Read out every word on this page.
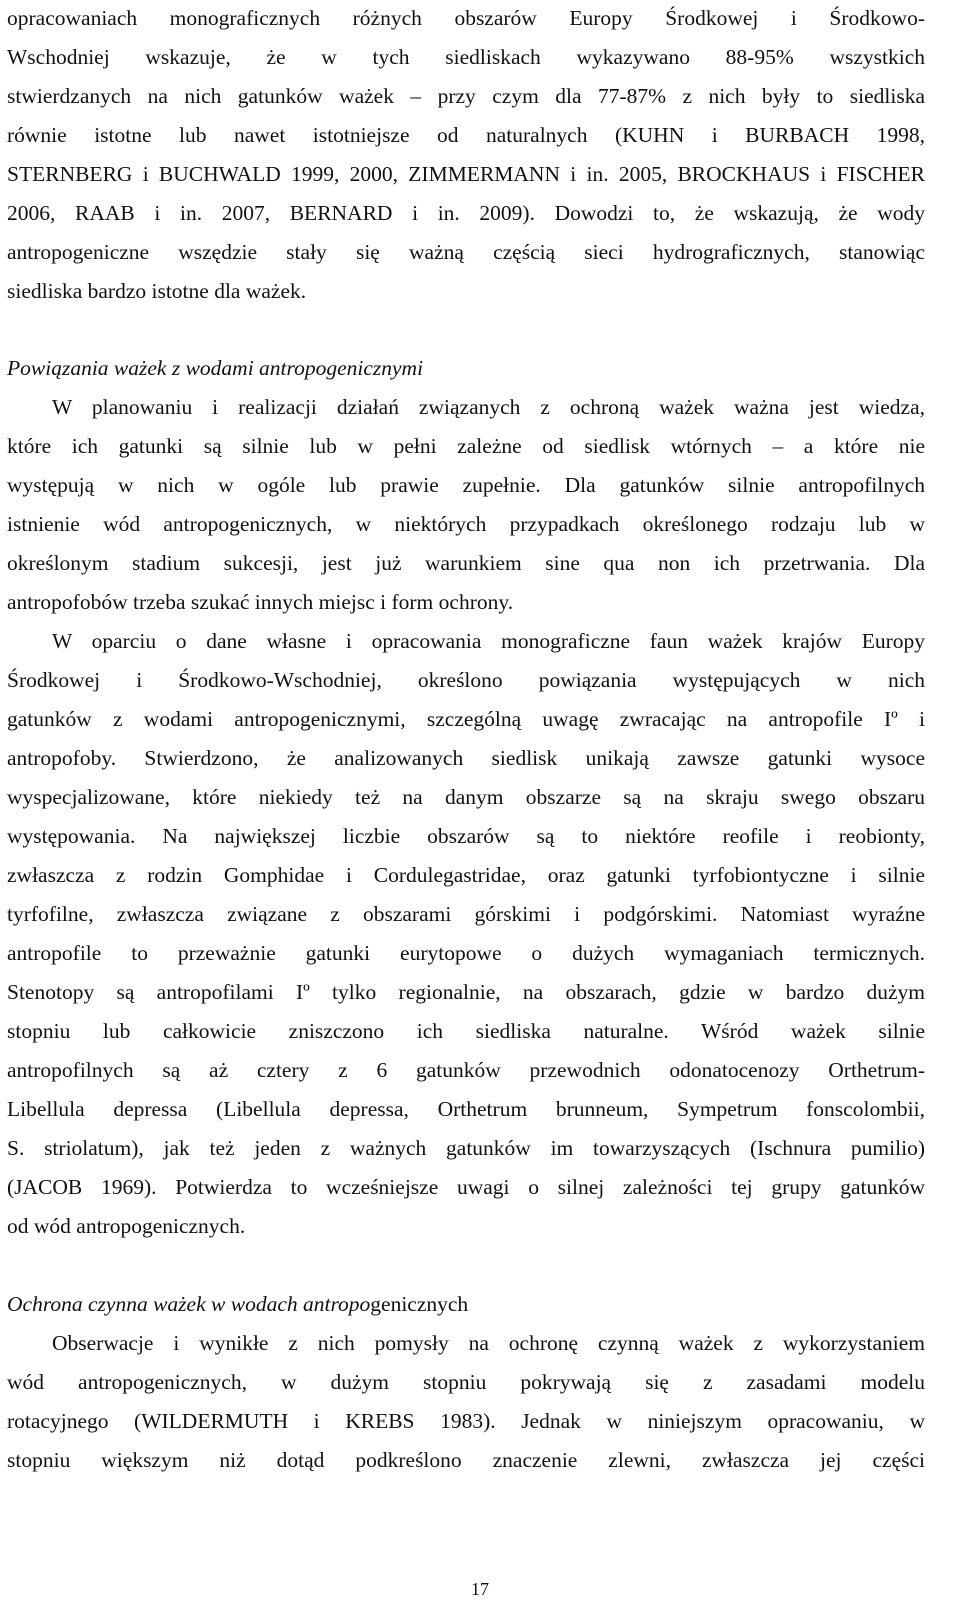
opracowaniach monograficznych różnych obszarów Europy Środkowej i Środkowo-
Wschodniej wskazuje, że w tych siedliskach wykazywano 88-95% wszystkich
stwierdzanych na nich gatunków ważek – przy czym dla 77-87% z nich były to siedliska
równie istotne lub nawet istotniejsze od naturalnych (KUHN i BURBACH 1998,
STERNBERG i BUCHWALD 1999, 2000, ZIMMERMANN i in. 2005, BROCKHAUS i FISCHER
2006, RAAB i in. 2007, BERNARD i in. 2009). Dowodzi to, że wskazują, że wody
antropogeniczne wszędzie stały się ważną częścią sieci hydrograficznych, stanowiąc
siedliska bardzo istotne dla ważek.
Powiązania ważek z wodami antropogenicznymi
W planowaniu i realizacji działań związanych z ochroną ważek ważna jest wiedza,
które ich gatunki są silnie lub w pełni zależne od siedlisk wtórnych – a które nie
występują w nich w ogóle lub prawie zupełnie. Dla gatunków silnie antropofilnych
istnienie wód antropogenicznych, w niektórych przypadkach określonego rodzaju lub w
określonym stadium sukcesji, jest już warunkiem sine qua non ich przetrwania. Dla
antropofobów trzeba szukać innych miejsc i form ochrony.
W oparciu o dane własne i opracowania monograficzne faun ważek krajów Europy
Środkowej i Środkowo-Wschodniej, określono powiązania występujących w nich
gatunków z wodami antropogenicznymi, szczególną uwagę zwracając na antropofile Iº i
antropofoby. Stwierdzono, że analizowanych siedlisk unikają zawsze gatunki wysoce
wyspecjalizowane, które niekiedy też na danym obszarze są na skraju swego obszaru
występowania. Na największej liczbie obszarów są to niektóre reofile i reobionty,
zwłaszcza z rodzin Gomphidae i Cordulegastridae, oraz gatunki tyrfobiontyczne i silnie
tyrfofilne, zwłaszcza związane z obszarami górskimi i podgórskimi. Natomiast wyraźne
antropofile to przeważnie gatunki eurytopowe o dużych wymaganiach termicznych.
Stenotopy są antropofilami Iº tylko regionalnie, na obszarach, gdzie w bardzo dużym
stopniu lub całkowicie zniszczono ich siedliska naturalne. Wśród ważek silnie
antropofilnych są aż cztery z 6 gatunków przewodnich odonatocenozy Orthetrum-
Libellula depressa (Libellula depressa, Orthetrum brunneum, Sympetrum fonscolombii,
S. striolatum), jak też jeden z ważnych gatunków im towarzyszących (Ischnura pumilio)
(JACOB 1969). Potwierdza to wcześniejsze uwagi o silnej zależności tej grupy gatunków
od wód antropogenicznych.
Ochrona czynna ważek w wodach antropogenicznych
Obserwacje i wynikłe z nich pomysły na ochronę czynną ważek z wykorzystaniem
wód antropogenicznych, w dużym stopniu pokrywają się z zasadami modelu
rotacyjnego (WILDERMUTH i KREBS 1983). Jednak w niniejszym opracowaniu, w
stopniu większym niż dotąd podkreślono znaczenie zlewni, zwłaszcza jej części
17
